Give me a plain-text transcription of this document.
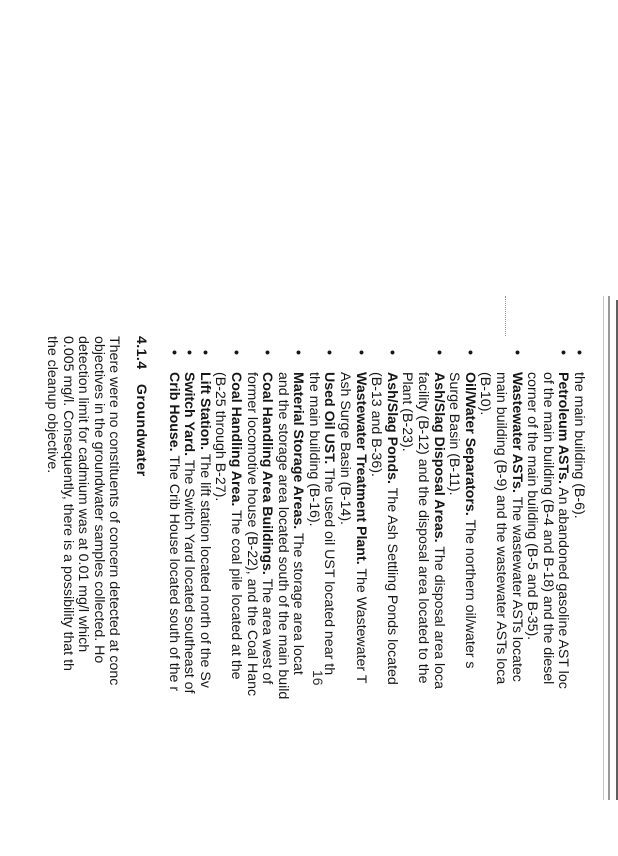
•
the main building (B-6).
•
Petroleum ASTs. An abandoned gasoline AST loc
of the main building (B-4 and B-18) and the diesel
corner of the main building (B-5 and B-35).
•
Wastewater ASTs. The wastewater ASTs locatec
main building (B-9) and the wastewater ASTs loca
(B-10).
•
Oil/Water Separators. The northern oil/water s
Surge Basin (B-11).
•
Ash/Slag Disposal Areas. The disposal area loca
facility (B-12) and the disposal area located to the
Plant (B-23).
•
Ash/Slag Ponds. The Ash Settling Ponds located
(B-13 and B-36).
•
Wastewater Treatment Plant. The Wastewater T
Ash Surge Basin (B-14).
•
Used Oil UST. The used oil UST located near th
the main building (B-16).
•
Material Storage Areas. The storage area locat
and the storage area located south of the main build
•
Coal Handling Area Buildings. The area west of
former locomotive house (B-22), and the Coal Hanc
•
Coal Handling Area. The coal pile located at the
(B-25 through B-27).
•
Lift Station. The lift station located north of the Sv
•
Switch Yard. The Switch Yard located southeast of
•
Crib House. The Crib House located south of the r
4.1.4 Groundwater
There were no constituents of concern detected at conc
objectives in the groundwater samples collected. Ho
detection limit for cadmium was at 0.01 mg/l which
0.005 mg/l. Consequently, there is a possibility that th
the cleanup objective.
16
